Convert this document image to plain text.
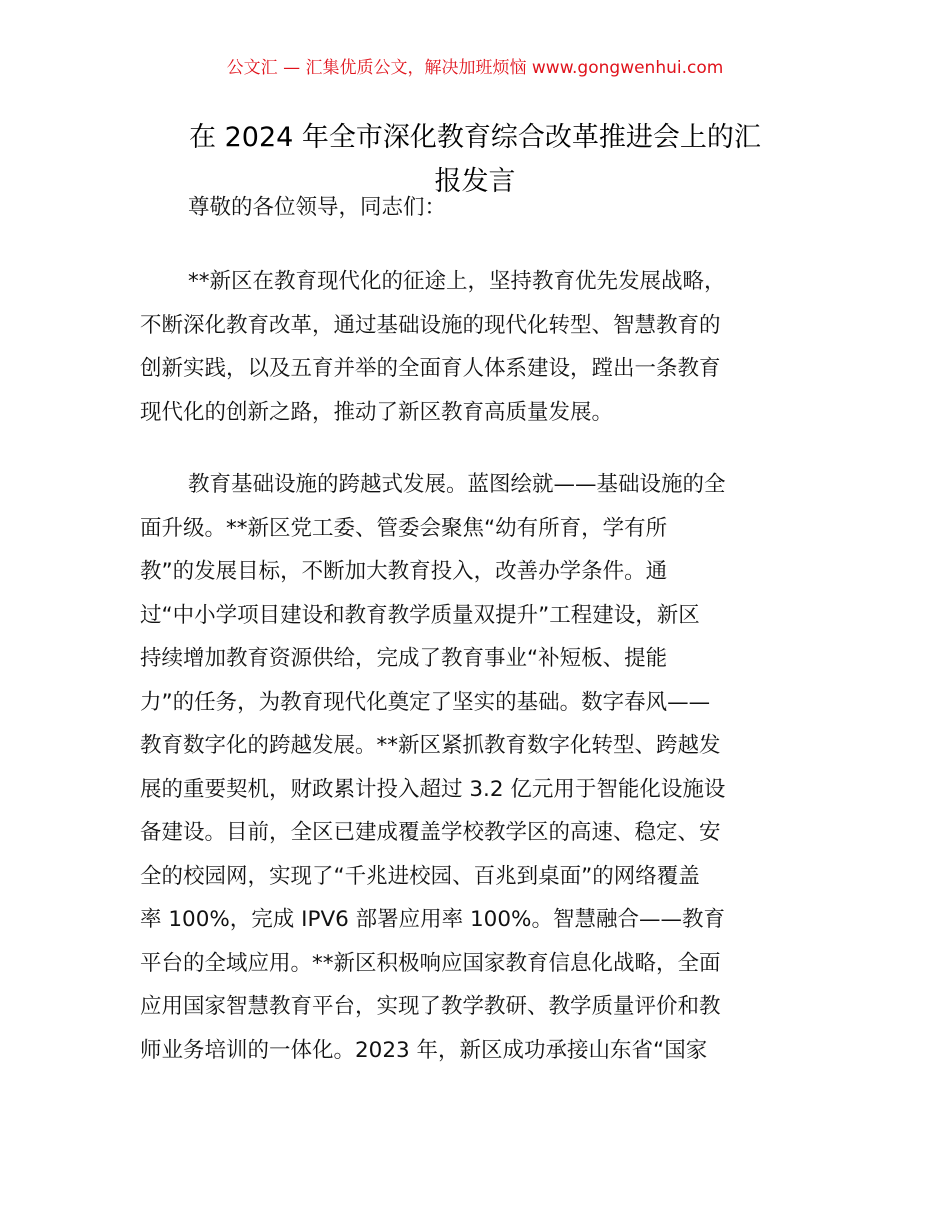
公文汇 — 汇集优质公文，解决加班烦恼 www.gongwenhui.com
在 2024 年全市深化教育综合改革推进会上的汇
报发言
尊敬的各位领导，同志们：
**新区在教育现代化的征途上，坚持教育优先发展战略，
不断深化教育改革，通过基础设施的现代化转型、智慧教育的
创新实践，以及五育并举的全面育人体系建设，蹚出一条教育
现代化的创新之路，推动了新区教育高质量发展。
教育基础设施的跨越式发展。蓝图绘就——基础设施的全
面升级。**新区党工委、管委会聚焦“幼有所育，学有所
教”的发展目标，不断加大教育投入，改善办学条件。通
过“中小学项目建设和教育教学质量双提升”工程建设，新区
持续增加教育资源供给，完成了教育事业“补短板、提能
力”的任务，为教育现代化奠定了坚实的基础。数字春风——
教育数字化的跨越发展。**新区紧抓教育数字化转型、跨越发
展的重要契机，财政累计投入超过 3.2 亿元用于智能化设施设
备建设。目前，全区已建成覆盖学校教学区的高速、稳定、安
全的校园网，实现了“千兆进校园、百兆到桌面”的网络覆盖
率 100%，完成 IPV6 部署应用率 100%。智慧融合——教育
平台的全域应用。**新区积极响应国家教育信息化战略，全面
应用国家智慧教育平台，实现了教学教研、教学质量评价和教
师业务培训的一体化。2023 年，新区成功承接山东省“国家
